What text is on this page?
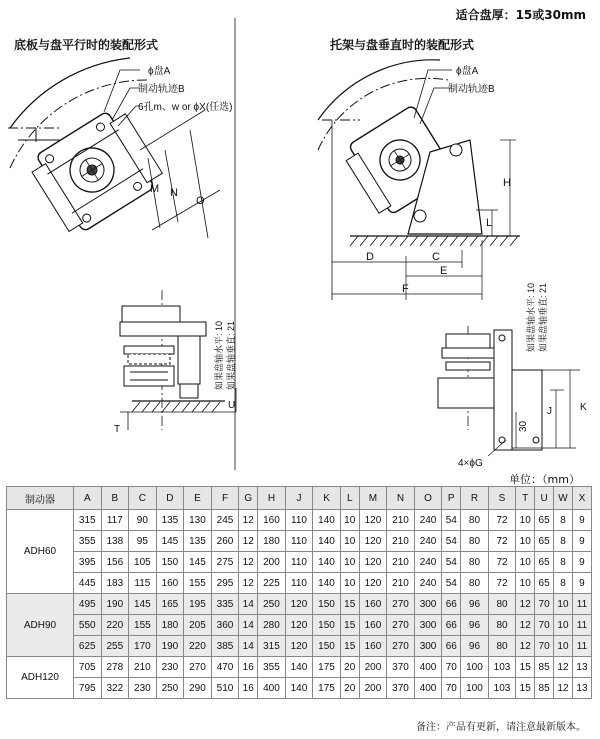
适合盘厚：15或30mm
底板与盘平行时的装配形式	托架与盘垂直时的装配形式
ϕ盘A
制动轨迹B
6孔m、w or ϕX(任选)
M N
O
如果盘轴水平: 10 如果盘轴垂直: 21
T
U
ϕ盘A
制动轨迹B
H
L
D	C
E
F	如果盘轴水平: 10 如果盘轴垂直: 21
J	K
30
4×ϕG
单位：（mm）
制动器	A	B	C	D	E	F	G	H	J	K	L	M	N	O	P	R	S	T	U	W	X
ADH60	315	117	90	135	130	245	12	160	110	140	10	120	210	240	54	80	72	10	65	8	9
	355	138	95	145	135	260	12	180	110	140	10	120	210	240	54	80	72	10	65	8	9
	395	156	105	150	145	275	12	200	110	140	10	120	210	240	54	80	72	10	65	8	9
	445	183	115	160	155	295	12	225	110	140	10	120	210	240	54	80	72	10	65	8	9
ADH90	495	190	145	165	195	335	14	250	120	150	15	160	270	300	66	96	80	12	70	10	11
	550	220	155	180	205	360	14	280	120	150	15	160	270	300	66	96	80	12	70	10	11
	625	255	170	190	220	385	14	315	120	150	15	160	270	300	66	96	80	12	70	10	11
ADH120	705	278	210	230	270	470	16	355	140	175	20	200	370	400	70	100	103	15	85	12	13
	795	322	230	250	290	510	16	400	140	175	20	200	370	400	70	100	103	15	85	12	13
备注：产品有更新，请注意最新版本。
